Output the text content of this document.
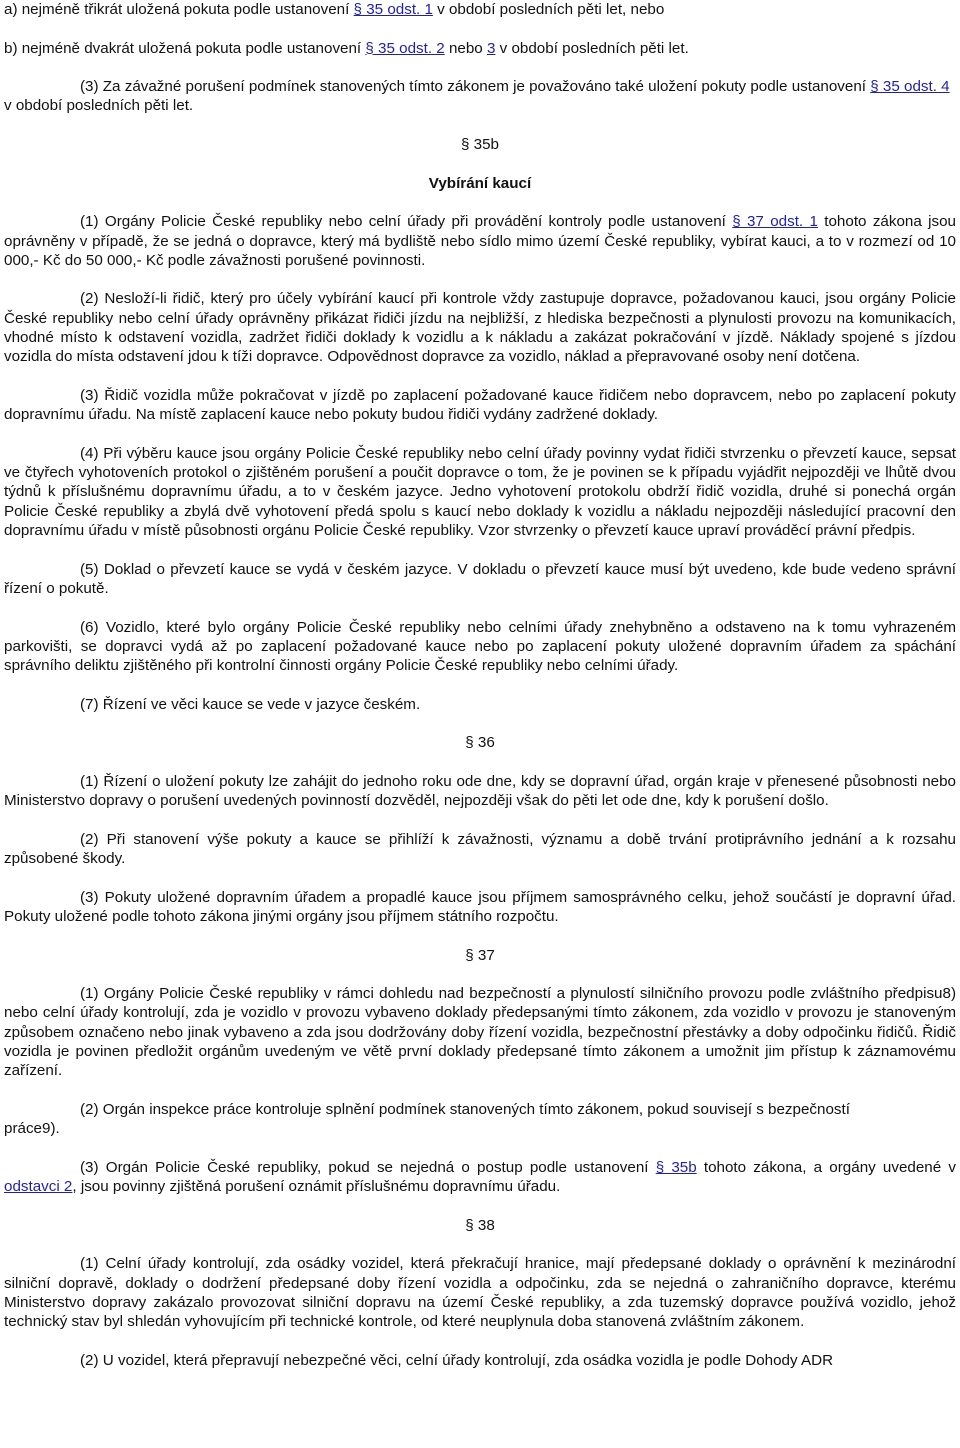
a) nejméně třikrát uložená pokuta podle ustanovení § 35 odst. 1 v období posledních pěti let, nebo

b) nejméně dvakrát uložená pokuta podle ustanovení § 35 odst. 2 nebo 3 v období posledních pěti let.

(3) Za závažné porušení podmínek stanovených tímto zákonem je považováno také uložení pokuty podle ustanovení § 35 odst. 4 v období posledních pěti let.

§ 35b

Vybírání kaucí

(1) Orgány Policie České republiky nebo celní úřady při provádění kontroly podle ustanovení § 37 odst. 1 tohoto zákona jsou oprávněny v případě, že se jedná o dopravce, který má bydliště nebo sídlo mimo území České republiky, vybírat kauci, a to v rozmezí od 10 000,- Kč do 50 000,- Kč podle závažnosti porušené povinnosti.

(2) Nesloží-li řidič, který pro účely vybírání kaucí při kontrole vždy zastupuje dopravce, požadovanou kauci, jsou orgány Policie České republiky nebo celní úřady oprávněny přikázat řidiči jízdu na nejbližší, z hlediska bezpečnosti a plynulosti provozu na komunikacích, vhodné místo k odstavení vozidla, zadržet řidiči doklady k vozidlu a k nákladu a zakázat pokračování v jízdě. Náklady spojené s jízdou vozidla do místa odstavení jdou k tíži dopravce. Odpovědnost dopravce za vozidlo, náklad a přepravované osoby není dotčena.

(3) Řidič vozidla může pokračovat v jízdě po zaplacení požadované kauce řidičem nebo dopravcem, nebo po zaplacení pokuty dopravnímu úřadu. Na místě zaplacení kauce nebo pokuty budou řidiči vydány zadržené doklady.

(4) Při výběru kauce jsou orgány Policie České republiky nebo celní úřady povinny vydat řidiči stvrzenku o převzetí kauce, sepsat ve čtyřech vyhotoveních protokol o zjištěném porušení a poučit dopravce o tom, že je povinen se k případu vyjádřit nejpozději ve lhůtě dvou týdnů k příslušnému dopravnímu úřadu, a to v českém jazyce. Jedno vyhotovení protokolu obdrží řidič vozidla, druhé si ponechá orgán Policie České republiky a zbylá dvě vyhotovení předá spolu s kaucí nebo doklady k vozidlu a nákladu nejpozději následující pracovní den dopravnímu úřadu v místě působnosti orgánu Policie České republiky. Vzor stvrzenky o převzetí kauce upraví prováděcí právní předpis.

(5) Doklad o převzetí kauce se vydá v českém jazyce. V dokladu o převzetí kauce musí být uvedeno, kde bude vedeno správní řízení o pokutě.

(6) Vozidlo, které bylo orgány Policie České republiky nebo celními úřady znehybněno a odstaveno na k tomu vyhrazeném parkovišti, se dopravci vydá až po zaplacení požadované kauce nebo po zaplacení pokuty uložené dopravním úřadem za spáchání správního deliktu zjištěného při kontrolní činnosti orgány Policie České republiky nebo celními úřady.

(7) Řízení ve věci kauce se vede v jazyce českém.

§ 36

(1) Řízení o uložení pokuty lze zahájit do jednoho roku ode dne, kdy se dopravní úřad, orgán kraje v přenesené působnosti nebo Ministerstvo dopravy o porušení uvedených povinností dozvěděl, nejpozději však do pěti let ode dne, kdy k porušení došlo.

(2) Při stanovení výše pokuty a kauce se přihlíží k závažnosti, významu a době trvání protiprávního jednání a k rozsahu způsobené škody.

(3) Pokuty uložené dopravním úřadem a propadlé kauce jsou příjmem samosprávného celku, jehož součástí je dopravní úřad. Pokuty uložené podle tohoto zákona jinými orgány jsou příjmem státního rozpočtu.

§ 37

(1) Orgány Policie České republiky v rámci dohledu nad bezpečností a plynulostí silničního provozu podle zvláštního předpisu8) nebo celní úřady kontrolují, zda je vozidlo v provozu vybaveno doklady předepsanými tímto zákonem, zda vozidlo v provozu je stanoveným způsobem označeno nebo jinak vybaveno a zda jsou dodržovány doby řízení vozidla, bezpečnostní přestávky a doby odpočinku řidičů. Řidič vozidla je povinen předložit orgánům uvedeným ve větě první doklady předepsané tímto zákonem a umožnit jim přístup k záznamovému zařízení.

(2) Orgán inspekce práce kontroluje splnění podmínek stanovených tímto zákonem, pokud souvisejí s bezpečností

práce9).

(3) Orgán Policie České republiky, pokud se nejedná o postup podle ustanovení § 35b tohoto zákona, a orgány uvedené v odstavci 2, jsou povinny zjištěná porušení oznámit příslušnému dopravnímu úřadu.

§ 38

(1) Celní úřady kontrolují, zda osádky vozidel, která překračují hranice, mají předepsané doklady o oprávnění k mezinárodní silniční dopravě, doklady o dodržení předepsané doby řízení vozidla a odpočinku, zda se nejedná o zahraničního dopravce, kterému Ministerstvo dopravy zakázalo provozovat silniční dopravu na území České republiky, a zda tuzemský dopravce používá vozidlo, jehož technický stav byl shledán vyhovujícím při technické kontrole, od které neuplynula doba stanovená zvláštním zákonem.

(2) U vozidel, která přepravují nebezpečné věci, celní úřady kontrolují, zda osádka vozidla je podle Dohody ADR
